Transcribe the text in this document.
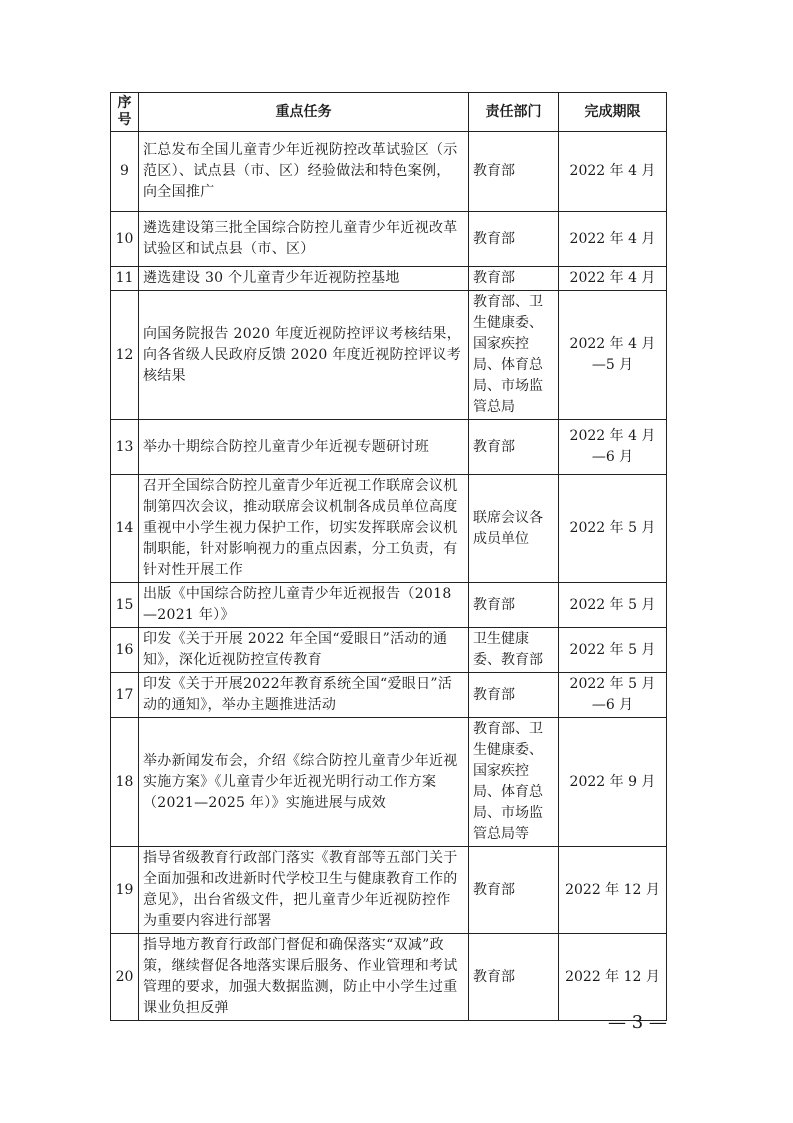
序号	重点任务	责任部门	完成期限
9	汇总发布全国儿童青少年近视防控改革试验区（示范区）、试点县（市、区）经验做法和特色案例，向全国推广	教育部	2022 年 4 月
10	遴选建设第三批全国综合防控儿童青少年近视改革试验区和试点县（市、区）	教育部	2022 年 4 月
11	遴选建设 30 个儿童青少年近视防控基地	教育部	2022 年 4 月
12	向国务院报告 2020 年度近视防控评议考核结果，向各省级人民政府反馈 2020 年度近视防控评议考核结果	教育部、卫生健康委、国家疾控局、体育总局、市场监管总局	2022 年 4 月—5 月
13	举办十期综合防控儿童青少年近视专题研讨班	教育部	2022 年 4 月—6 月
14	召开全国综合防控儿童青少年近视工作联席会议机制第四次会议，推动联席会议机制各成员单位高度重视中小学生视力保护工作，切实发挥联席会议机制职能，针对影响视力的重点因素，分工负责，有针对性开展工作	联席会议各成员单位	2022 年 5 月
15	出版《中国综合防控儿童青少年近视报告（2018—2021 年）》	教育部	2022 年 5 月
16	印发《关于开展 2022 年全国“爱眼日”活动的通知》，深化近视防控宣传教育	卫生健康委、教育部	2022 年 5 月
17	印发《关于开展2022年教育系统全国“爱眼日”活动的通知》，举办主题推进活动	教育部	2022 年 5 月—6 月
18	举办新闻发布会，介绍《综合防控儿童青少年近视实施方案》《儿童青少年近视光明行动工作方案（2021—2025 年）》实施进展与成效	教育部、卫生健康委、国家疾控局、体育总局、市场监管总局等	2022 年 9 月
19	指导省级教育行政部门落实《教育部等五部门关于全面加强和改进新时代学校卫生与健康教育工作的意见》，出台省级文件，把儿童青少年近视防控作为重要内容进行部署	教育部	2022 年 12 月
20	指导地方教育行政部门督促和确保落实“双减”政策，继续督促各地落实课后服务、作业管理和考试管理的要求，加强大数据监测，防止中小学生过重课业负担反弹	教育部	2022 年 12 月
— 3 —
